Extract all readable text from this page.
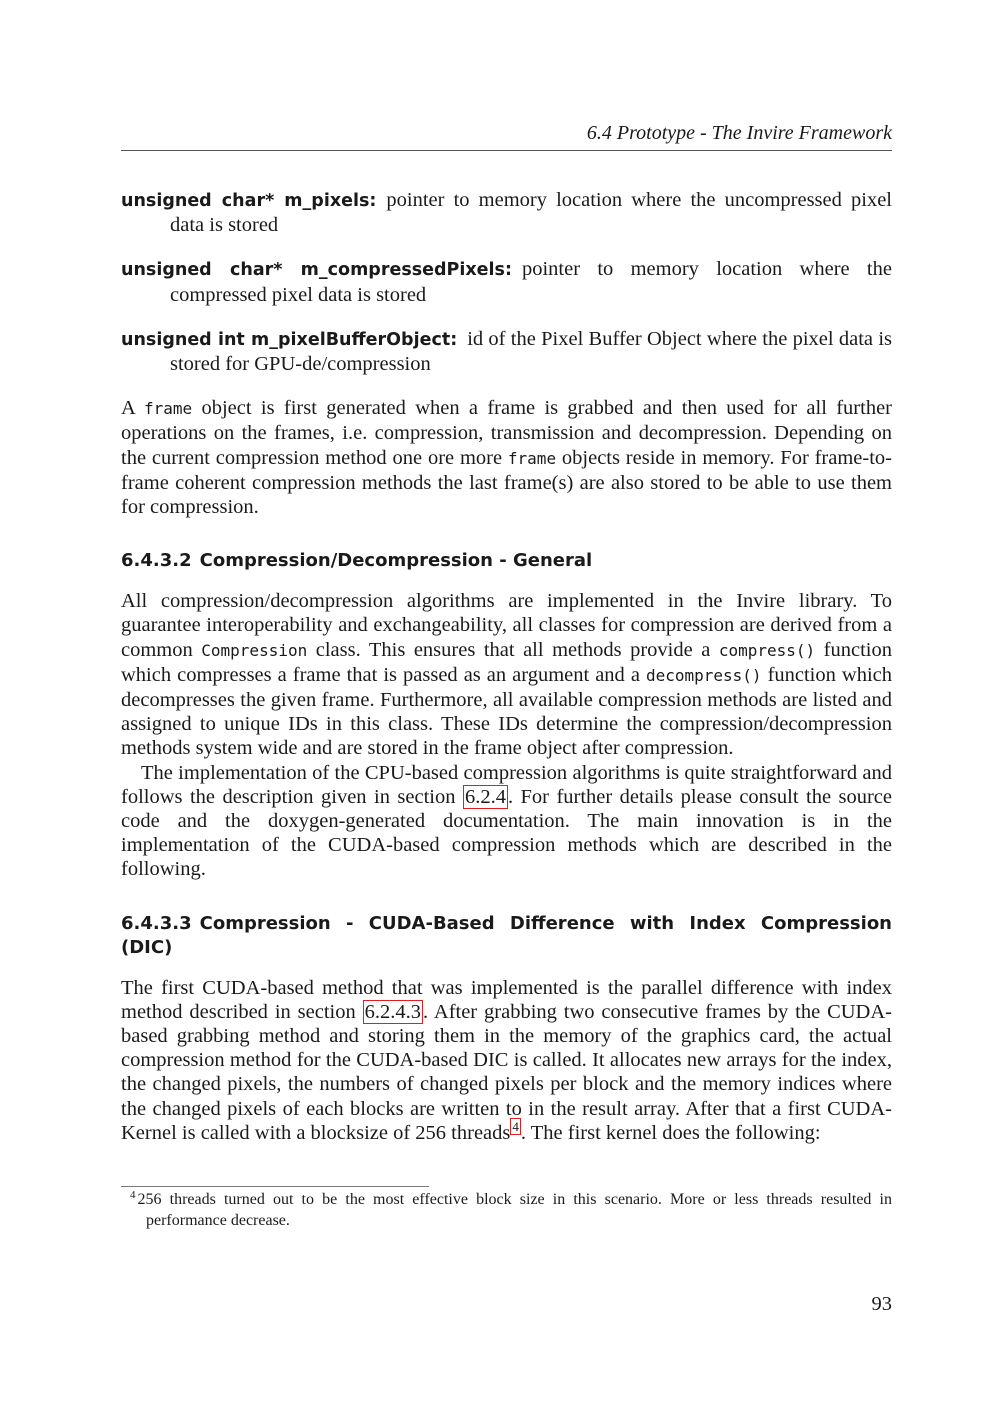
6.4 Prototype - The Invire Framework
unsigned char* m_pixels: pointer to memory location where the uncompressed pixel data is stored
unsigned char* m_compressedPixels: pointer to memory location where the compressed pixel data is stored
unsigned int m_pixelBufferObject: id of the Pixel Buffer Object where the pixel data is stored for GPU-de/compression

A frame object is first generated when a frame is grabbed and then used for all further operations on the frames, i.e. compression, transmission and decompression. Depending on the current compression method one ore more frame objects reside in memory. For frame-to-frame coherent compression methods the last frame(s) are also stored to be able to use them for compression.

6.4.3.2 Compression/Decompression - General

All compression/decompression algorithms are implemented in the Invire library. To guarantee interoperability and exchangeability, all classes for compression are derived from a common Compression class. This ensures that all methods provide a compress() function which compresses a frame that is passed as an argument and a decompress() function which decompresses the given frame. Furthermore, all available compression methods are listed and assigned to unique IDs in this class. These IDs determine the compression/decompression methods system wide and are stored in the frame object after compression.

The implementation of the CPU-based compression algorithms is quite straightforward and follows the description given in section 6.2.4. For further details please consult the source code and the doxygen-generated documentation. The main innovation is in the implementation of the CUDA-based compression methods which are described in the following.

6.4.3.3 Compression - CUDA-Based Difference with Index Compression (DIC)

The first CUDA-based method that was implemented is the parallel difference with index method described in section 6.2.4.3. After grabbing two consecutive frames by the CUDA-based grabbing method and storing them in the memory of the graphics card, the actual compression method for the CUDA-based DIC is called. It allocates new arrays for the index, the changed pixels, the numbers of changed pixels per block and the memory indices where the changed pixels of each blocks are written to in the result array. After that a first CUDA-Kernel is called with a blocksize of 256 threads $^4$. The first kernel does the following:

$^4$ 256 threads turned out to be the most effective block size in this scenario. More or less threads resulted in performance decrease.
93
